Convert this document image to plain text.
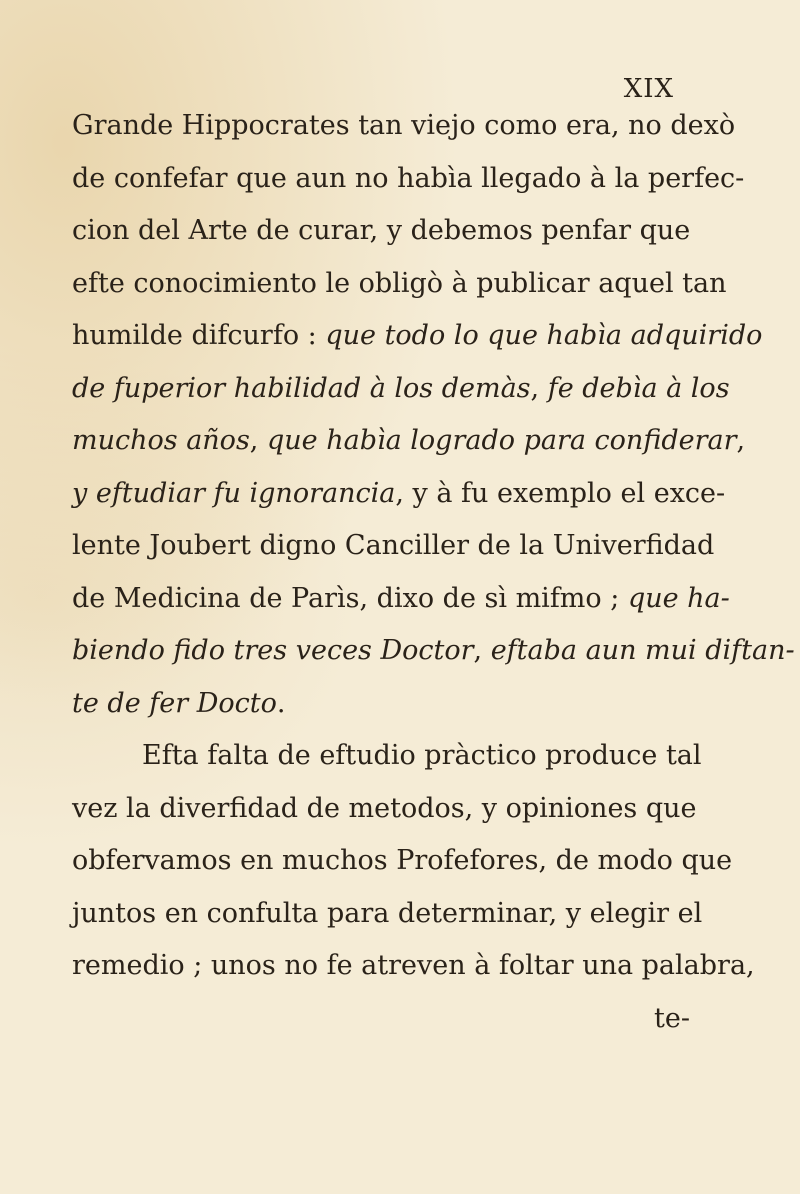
XIX
Grande Hippocrates tan viejo como era, no dexò
de confefar que aun no habìa llegado à la perfec-
cion del Arte de curar, y debemos penfar que
efte conocimiento le obligò à publicar aquel tan
humilde difcurfo : que todo lo que habìa adquirido
de fuperior habilidad à los demàs, fe debìa à los
muchos años, que habìa logrado para confiderar,
y eftudiar fu ignorancia, y à fu exemplo el exce-
lente Joubert digno Canciller de la Univerfidad
de Medicina de Parìs, dixo de sì mifmo ; que ha-
biendo fido tres veces Doctor, eftaba aun mui diftan-
te de fer Docto.
Efta falta de eftudio pràctico produce tal
vez la diverfidad de metodos, y opiniones que
obfervamos en muchos Profefores, de modo que
juntos en confulta para determinar, y elegir el
remedio ; unos no fe atreven à foltar una palabra,
te-
